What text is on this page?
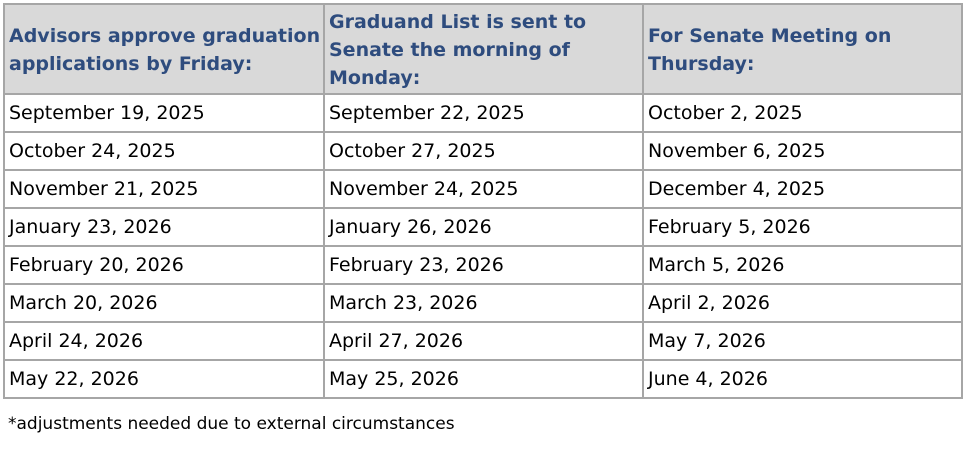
Advisors approve graduation applications by Friday:	Graduand List is sent to Senate the morning of Monday:	For Senate Meeting on Thursday:
September 19, 2025	September 22, 2025	October 2, 2025
October 24, 2025	October 27, 2025	November 6, 2025
November 21, 2025	November 24, 2025	December 4, 2025
January 23, 2026	January 26, 2026	February 5, 2026
February 20, 2026	February 23, 2026	March 5, 2026
March 20, 2026	March 23, 2026	April 2, 2026
April 24, 2026	April 27, 2026	May 7, 2026
May 22, 2026	May 25, 2026	June 4, 2026
*adjustments needed due to external circumstances
